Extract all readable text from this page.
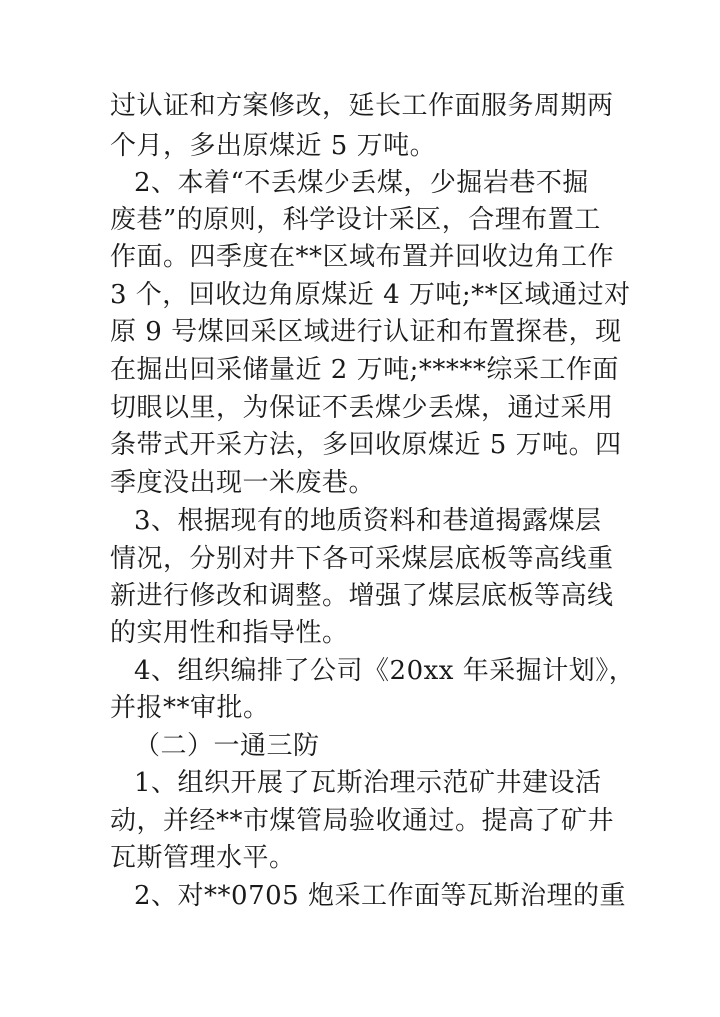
过认证和方案修改，延长工作面服务周期两
个月，多出原煤近 5 万吨。
2、本着“不丢煤少丢煤，少掘岩巷不掘
废巷”的原则，科学设计采区，合理布置工
作面。四季度在**区域布置并回收边角工作
3 个，回收边角原煤近 4 万吨;**区域通过对
原 9 号煤回采区域进行认证和布置探巷，现
在掘出回采储量近 2 万吨;*****综采工作面
切眼以里，为保证不丢煤少丢煤，通过采用
条带式开采方法，多回收原煤近 5 万吨。四
季度没出现一米废巷。
3、根据现有的地质资料和巷道揭露煤层
情况，分别对井下各可采煤层底板等高线重
新进行修改和调整。增强了煤层底板等高线
的实用性和指导性。
4、组织编排了公司《20xx 年采掘计划》，
并报**审批。
（二）一通三防
1、组织开展了瓦斯治理示范矿井建设活
动，并经**市煤管局验收通过。提高了矿井
瓦斯管理水平。
2、对**0705 炮采工作面等瓦斯治理的重
